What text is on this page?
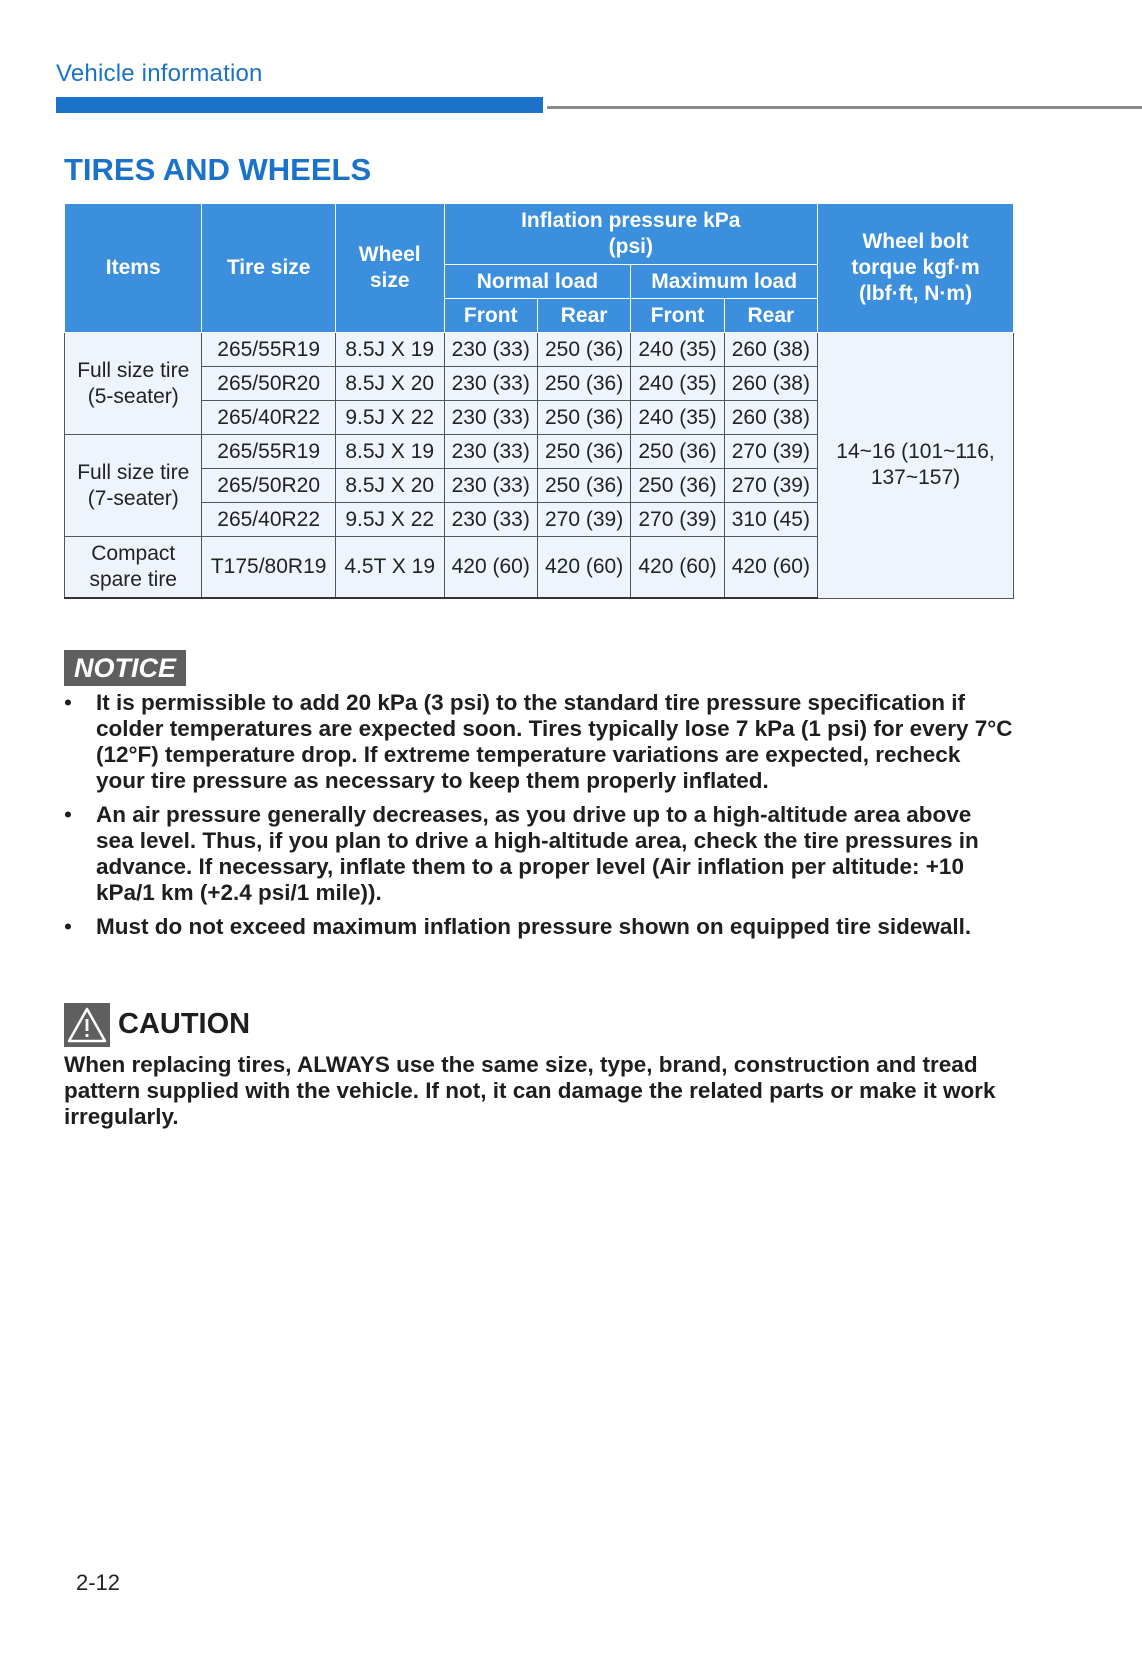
Vehicle information
TIRES AND WHEELS
Items	Tire size	Wheel size	Inflation pressure kPa (psi)				Wheel bolt torque kgf·m (lbf·ft, N·m)
			Normal load		Maximum load		
			Front	Rear	Front	Rear	
Full size tire (5-seater)	265/55R19	8.5J X 19	230 (33)	250 (36)	240 (35)	260 (38)	14~16 (101~116, 137~157)
	265/50R20	8.5J X 20	230 (33)	250 (36)	240 (35)	260 (38)	
	265/40R22	9.5J X 22	230 (33)	250 (36)	240 (35)	260 (38)	
Full size tire (7-seater)	265/55R19	8.5J X 19	230 (33)	250 (36)	250 (36)	270 (39)	
	265/50R20	8.5J X 20	230 (33)	250 (36)	250 (36)	270 (39)	
	265/40R22	9.5J X 22	230 (33)	270 (39)	270 (39)	310 (45)	
Compact spare tire	T175/80R19	4.5T X 19	420 (60)	420 (60)	420 (60)	420 (60)	
NOTICE
• It is permissible to add 20 kPa (3 psi) to the standard tire pressure specification if colder temperatures are expected soon. Tires typically lose 7 kPa (1 psi) for every 7°C (12°F) temperature drop. If extreme temperature variations are expected, recheck your tire pressure as necessary to keep them properly inflated.
• An air pressure generally decreases, as you drive up to a high-altitude area above sea level. Thus, if you plan to drive a high-altitude area, check the tire pressures in advance. If necessary, inflate them to a proper level (Air inflation per altitude: +10 kPa/1 km (+2.4 psi/1 mile)).
• Must do not exceed maximum inflation pressure shown on equipped tire sidewall.
CAUTION

When replacing tires, ALWAYS use the same size, type, brand, construction and tread pattern supplied with the vehicle. If not, it can damage the related parts or make it work irregularly.

2-12
